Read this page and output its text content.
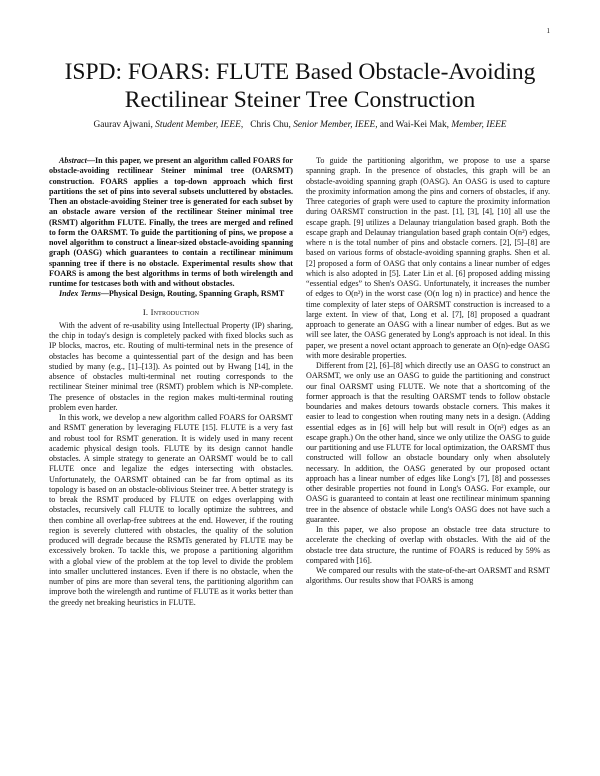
1
ISPD: FOARS: FLUTE Based Obstacle-Avoiding Rectilinear Steiner Tree Construction
Gaurav Ajwani, Student Member, IEEE, Chris Chu, Senior Member, IEEE, and Wai-Kei Mak, Member, IEEE

Abstract—In this paper, we present an algorithm called FOARS for obstacle-avoiding rectilinear Steiner minimal tree (OARSMT) construction. FOARS applies a top-down approach which first partitions the set of pins into several subsets uncluttered by obstacles. Then an obstacle-avoiding Steiner tree is generated for each subset by an obstacle aware version of the rectilinear Steiner minimal tree (RSMT) algorithm FLUTE. Finally, the trees are merged and refined to form the OARSMT. To guide the partitioning of pins, we propose a novel algorithm to construct a linear-sized obstacle-avoiding spanning graph (OASG) which guarantees to contain a rectilinear minimum spanning tree if there is no obstacle. Experimental results show that FOARS is among the best algorithms in terms of both wirelength and runtime for testcases both with and without obstacles.

Index Terms—Physical Design, Routing, Spanning Graph, RSMT

I. Introduction

With the advent of re-usability using Intellectual Property (IP) sharing, the chip in today's design is completely packed with fixed blocks such as IP blocks, macros, etc. Routing of multi-terminal nets in the presence of obstacles has become a quintessential part of the design and has been studied by many (e.g., [1]–[13]). As pointed out by Hwang [14], in the absence of obstacles multi-terminal net routing corresponds to the rectilinear Steiner minimal tree (RSMT) problem which is NP-complete. The presence of obstacles in the region makes multi-terminal routing problem even harder.

In this work, we develop a new algorithm called FOARS for OARSMT and RSMT generation by leveraging FLUTE [15]. FLUTE is a very fast and robust tool for RSMT generation. It is widely used in many recent academic physical design tools. FLUTE by its design cannot handle obstacles. A simple strategy to generate an OARSMT would be to call FLUTE once and legalize the edges intersecting with obstacles. Unfortunately, the OARSMT obtained can be far from optimal as its topology is based on an obstacle-oblivious Steiner tree. A better strategy is to break the RSMT produced by FLUTE on edges overlapping with obstacles, recursively call FLUTE to locally optimize the subtrees, and then combine all overlap-free subtrees at the end. However, if the routing region is severely cluttered with obstacles, the quality of the solution produced will degrade because the RSMTs generated by FLUTE may be excessively broken. To tackle this, we propose a partitioning algorithm with a global view of the problem at the top level to divide the problem into smaller uncluttered instances. Even if there is no obstacle, when the number of pins are more than several tens, the partitioning algorithm can improve both the wirelength and runtime of FLUTE as it works better than the greedy net breaking heuristics in FLUTE.

To guide the partitioning algorithm, we propose to use a sparse spanning graph. In the presence of obstacles, this graph will be an obstacle-avoiding spanning graph (OASG). An OASG is used to capture the proximity information among the pins and corners of obstacles, if any. Three categories of graph were used to capture the proximity information during OARSMT construction in the past. [1], [3], [4], [10] all use the escape graph. [9] utilizes a Delaunay triangulation based graph. Both the escape graph and Delaunay triangulation based graph contain O(n²) edges, where n is the total number of pins and obstacle corners. [2], [5]–[8] are based on various forms of obstacle-avoiding spanning graphs. Shen et al. [2] proposed a form of OASG that only contains a linear number of edges which is also adopted in [5]. Later Lin et al. [6] proposed adding missing “essential edges” to Shen's OASG. Unfortunately, it increases the number of edges to O(n²) in the worst case (O(n log n) in practice) and hence the time complexity of later steps of OARSMT construction is increased to a large extent. In view of that, Long et al. [7], [8] proposed a quadrant approach to generate an OASG with a linear number of edges. But as we will see later, the OASG generated by Long's approach is not ideal. In this paper, we present a novel octant approach to generate an O(n)-edge OASG with more desirable properties.

Different from [2], [6]–[8] which directly use an OASG to construct an OARSMT, we only use an OASG to guide the partitioning and construct our final OARSMT using FLUTE. We note that a shortcoming of the former approach is that the resulting OARSMT tends to follow obstacle boundaries and makes detours towards obstacle corners. This makes it easier to lead to congestion when routing many nets in a design. (Adding essential edges as in [6] will help but will result in O(n²) edges as an escape graph.) On the other hand, since we only utilize the OASG to guide our partitioning and use FLUTE for local optimization, the OARSMT thus constructed will follow an obstacle boundary only when absolutely necessary. In addition, the OASG generated by our proposed octant approach has a linear number of edges like Long's [7], [8] and possesses other desirable properties not found in Long's OASG. For example, our OASG is guaranteed to contain at least one rectilinear minimum spanning tree in the absence of obstacle while Long's OASG does not have such a guarantee.

In this paper, we also propose an obstacle tree data structure to accelerate the checking of overlap with obstacles. With the aid of the obstacle tree data structure, the runtime of FOARS is reduced by 59% as compared with [16].

We compared our results with the state-of-the-art OARSMT and RSMT algorithms. Our results show that FOARS is among
